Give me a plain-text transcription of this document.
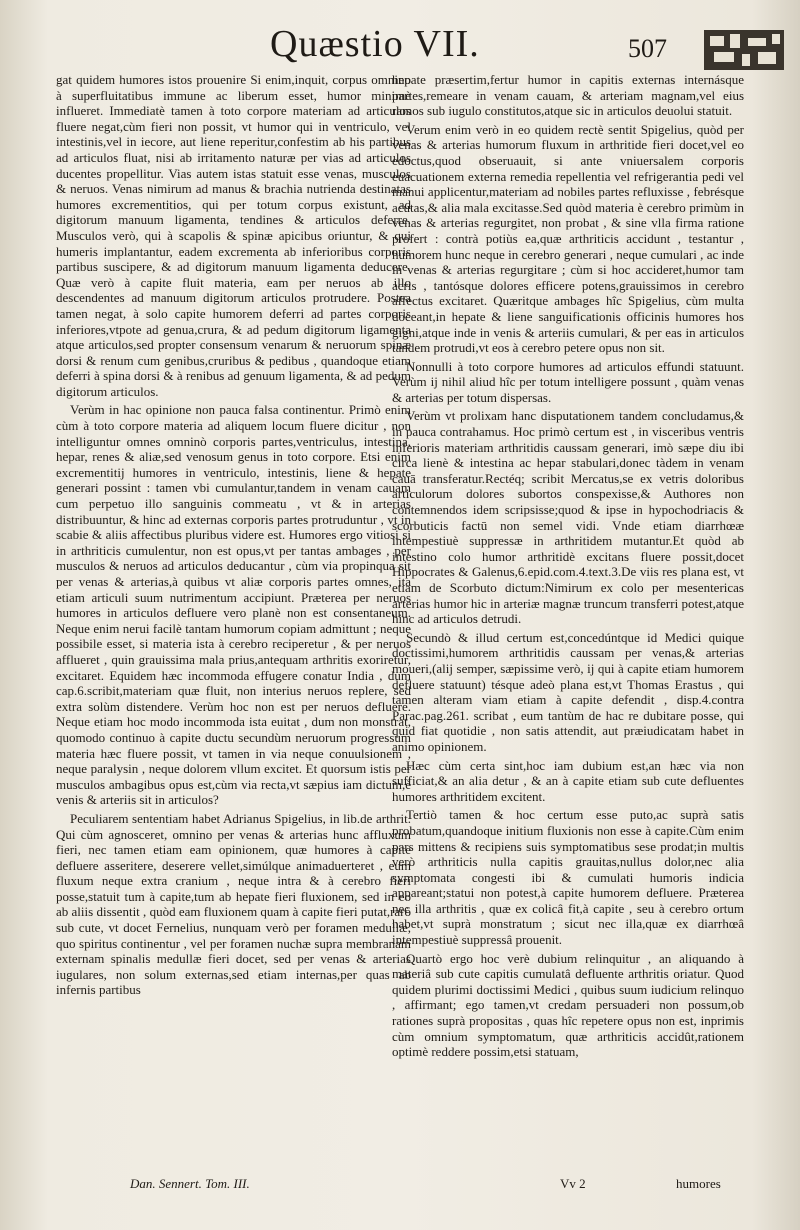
Quæstio VII.	507

gat quidem humores istos prouenire Si enim,inquit, corpus omnino à superfluitatibus immune ac liberum esset, humor minimè influeret. Immediatè tamen à toto corpore materiam ad articulos fluere negat,cùm fieri non possit, vt humor qui in ventriculo, vel intestinis,vel in iecore, aut liene reperitur,confestim ab his partibus ad articulos fluat, nisi ab irritamento naturæ per vias ad articulos ducentes propellitur. Vias autem istas statuit esse venas, musculos & neruos. Venas nimirum ad manus & brachia nutrienda destinatas humores excrementitios, qui per totum corpus existunt, ad digitorum manuum ligamenta, tendines & articulos deferre. Musculos verò, qui à scapolis & spinæ apicibus oriuntur, & qui humeris implantantur, eadem excrementa ab inferioribus corporis partibus suscipere, & ad digitorum manuum ligamenta deducere. Quæ verò à capite fluit materia, eam per neruos ab illo descendentes ad manuum digitorum articulos protrudere. Postea tamen negat, à solo capite humorem deferri ad partes corporis inferiores,vtpote ad genua,crura, & ad pedum digitorum ligamenta atque articulos,sed propter consensum venarum & neruorum spinæ dorsi & renum cum genibus,cruribus & pedibus , quandoque etiam deferri à spina dorsi & à renibus ad genuum ligamenta, & ad pedum digitorum articulos.

Verùm in hac opinione non pauca falsa continentur. Primò enim cùm à toto corpore materia ad aliquem locum fluere dicitur , non intelliguntur omnes omninò corporis partes,ventriculus, intestina, hepar, renes & aliæ,sed venosum genus in toto corpore. Etsi enim excrementitij humores in ventriculo, intestinis, liene & hepate generari possint : tamen vbi cumulantur,tandem in venam cauam cum perpetuo illo sanguinis commeatu , vt & in arterias distribuuntur, & hinc ad externas corporis partes protruduntur , vt in scabie & aliis affectibus pluribus videre est. Humores ergo vitiosi si in arthriticis cumulentur, non est opus,vt per tantas ambages , per musculos & neruos ad articulos deducantur , cùm via propinqua sit per venas & arterias,à quibus vt aliæ corporis partes omnes, ita etiam articuli suum nutrimentum accipiunt. Præterea per neruos humores in articulos defluere vero planè non est consentaneum. Neque enim nerui facilè tantam humorum copiam admittunt ; neque possibile esset, si materia ista à cerebro reciperetur , & per neruos afflueret , quin grauissima mala prius,antequam arthritis exoriretur, excitaret. Equidem hæc incommoda effugere conatur India , dum cap.6.scribit,materiam quæ fluit, non interius neruos replere, sed extra solùm distendere. Verùm hoc non est per neruos defluere. Neque etiam hoc modo incommoda ista euitat , dum non monstrat, quomodo continuo à capite ductu secundùm neruorum progressum materia hæc fluere possit, vt tamen in via neque conuulsionem , neque paralysin , neque dolorem vllum excitet. Et quorsum istis per musculos ambagibus opus est,cùm via recta,vt sæpius iam dictum,è venis & arteriis sit in articulos?

Peculiarem sententiam habet Adrianus Spigelius, in lib.de arthrit. Qui cùm agnosceret, omnino per venas & arterias hunc affluxum fieri, nec tamen etiam eam opinionem, quæ humores à capite defluere asseritere, deserere vellet,simúlque animaduerteret , eum fluxum neque extra cranium , neque intra & à cerebro fieri posse,statuit tum à capite,tum ab hepate fieri fluxionem, sed in eo ab aliis dissentit , quòd eam fluxionem quam à capite fieri putat,rarò sub cute, vt docet Fernelius, nunquam verò per foramen medullæ, quo spiritus continentur , vel per foramen nuchæ supra membranam externam spinalis medullæ fieri docet, sed per venas & arterias iugulares, non solum externas,sed etiam internas,per quas ab infernis partibus

hepate præsertim,fertur humor in capitis externas internásque partes,remeare in venam cauam, & arteriam magnam,vel eius ramos sub iugulo constitutos,atque sic in articulos deuolui statuit.

Verum enim verò in eo quidem rectè sentit Spigelius, quòd per venas & arterias humorum fluxum in arthritide fieri docet,vel eo edoctus,quod obseruauit, si ante vniuersalem corporis euacuationem externa remedia repellentia vel refrigerantia pedi vel manui applicentur,materiam ad nobiles partes refluxisse , febrésque acutas,& alia mala excitasse.Sed quòd materia è cerebro primùm in venas & arterias regurgitet, non probat , & sine vlla firma ratione profert : contrà potiùs ea,quæ arthriticis accidunt , testantur , humorem hunc neque in cerebro generari , neque cumulari , ac inde in venas & arterias regurgitare ; cùm si hoc accideret,humor tam acris , tantósque dolores efficere potens,grauissimos in cerebro affectus excitaret. Quæritque ambages hîc Spigelius, cùm multa doceant,in hepate & liene sanguificationis officinis humores hos gigni,atque inde in venis & arteriis cumulari, & per eas in articulos tandem protrudi,vt eos à cerebro petere opus non sit.

Nonnulli à toto corpore humores ad articulos effundi statuunt. Verùm ij nihil aliud hîc per totum intelligere possunt , quàm venas & arterias per totum dispersas.

Verùm vt prolixam hanc disputationem tandem concludamus,& in pauca contrahamus. Hoc primò certum est , in visceribus ventris inferioris materiam arthritidis caussam generari, imò sæpe diu ibi circa lienè & intestina ac hepar stabulari,donec tàdem in venam cauā transferatur.Rectéq; scribit Mercatus,se ex vetris doloribus articulorum dolores subortos conspexisse,& Authores non contemnendos idem scripsisse;quod & ipse in hypochodriacis & scorbuticis factū non semel vidi. Vnde etiam diarrhœæ intempestiuè suppressæ in arthritidem mutantur.Et quòd ab intestino colo humor arthritidè excitans fluere possit,docet Hippocrates & Galenus,6.epid.com.4.text.3.De viis res plana est, vt etiam de Scorbuto dictum:Nimirum ex colo per mesentericas arterias humor hic in arteriæ magnæ truncum transferri potest,atque hinc ad articulos detrudi.

Secundò & illud certum est,concedúntque id Medici quique doctissimi,humorem arthritidis caussam per venas,& arterias moueri,(alij semper, sæpissime verò, ij qui à capite etiam humorem defluere statuunt) tésque adeò plana est,vt Thomas Erastus , qui tamen alteram viam etiam à capite defendit , disp.4.contra Parac.pag.261. scribat , eum tantùm de hac re dubitare posse, qui quid fiat quotidie , non satis attendit, aut præiudicatam habet in animo opinionem.

Hæc cùm certa sint,hoc iam dubium est,an hæc via non sufficiat,& an alia detur , & an à capite etiam sub cute defluentes humores arthritidem excitent.

Tertiò tamen & hoc certum esse puto,ac suprà satis probatum,quandoque initium fluxionis non esse à capite.Cùm enim pars mittens & recipiens suis symptomatibus sese prodat;in multis verò arthriticis nulla capitis grauitas,nullus dolor,nec alia symptomata congesti ibi & cumulati humoris indicia appareant;statui non potest,à capite humorem defluere. Præterea nec illa arthritis , quæ ex colicâ fit,à capite , seu à cerebro ortum habet,vt suprà monstratum ; sicut nec illa,quæ ex diarrhœâ intempestiuè suppressâ prouenit.

Quartò ergo hoc verè dubium relinquitur , an aliquando à materiâ sub cute capitis cumulatâ defluente arthritis oriatur. Quod quidem plurimi doctissimi Medici , quibus suum iudicium relinquo , affirmant; ego tamen,vt credam persuaderi non possum,ob rationes suprà propositas , quas hîc repetere opus non est, inprimis cùm omnium symptomatum, quæ arthriticis accidût,rationem optimè reddere possim,etsi statuam,

Dan. Sennert. Tom. III.	Vv 2	humores
